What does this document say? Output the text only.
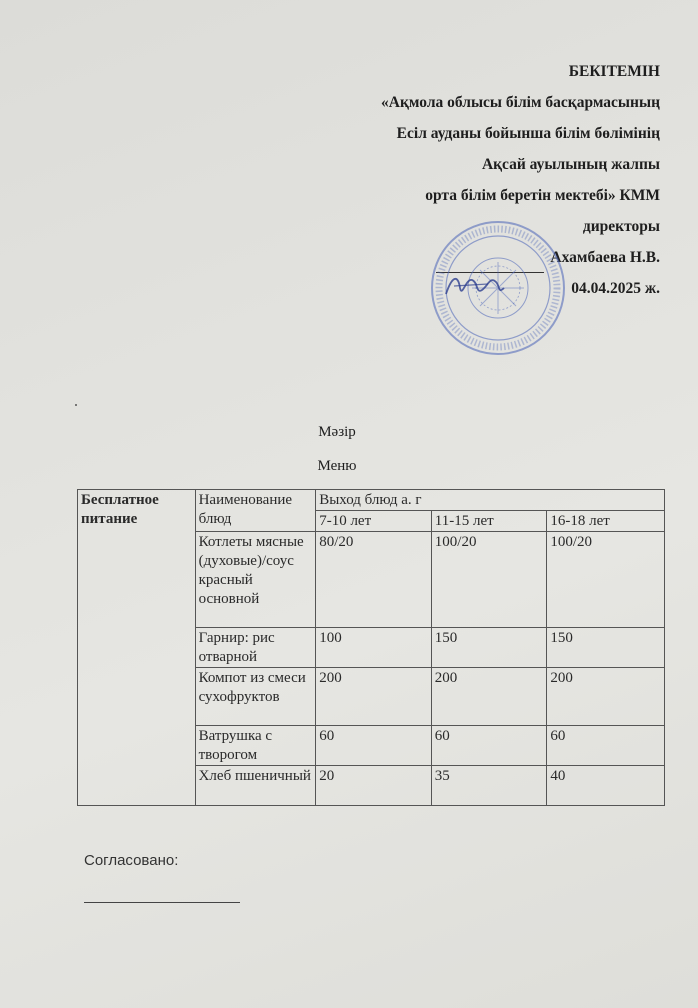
БЕКІТЕМІН
«Ақмола облысы білім басқармасының
Есіл ауданы бойынша білім бөлімінің
Ақсай ауылының жалпы
орта білім беретін мектебі» КММ
директоры
Ахамбаева Н.В.
04.04.2025 ж.
Мәзір
Меню
Бесплатное питание	Наименование блюд	Выход блюд а. г		
		7-10 лет	11-15 лет	16-18 лет
	Котлеты мясные (духовые)/соус красный основной	80/20	100/20	100/20
	Гарнир: рис отварной	100	150	150
	Компот из смеси сухофруктов	200	200	200
	Ватрушка с творогом	60	60	60
	Хлеб пшеничный	20	35	40
Согласовано:
